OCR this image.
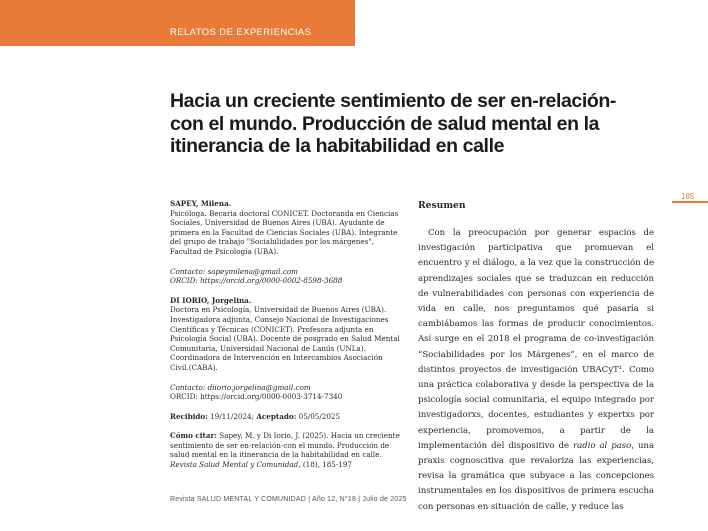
RELATOS DE EXPERIENCIAS
Hacia un creciente sentimiento de ser en-relación-con el mundo. Producción de salud mental en la itinerancia de la habitabilidad en calle
185
SAPEY, Milena.
Psicóloga. Becaria doctoral CONICET. Doctoranda en Ciencias Sociales, Universidad de Buenos Aires (UBA). Ayudante de primera en la Facultad de Ciencias Sociales (UBA). Integrante del grupo de trabajo "Sociabilidades por los márgenes", Facultad de Psicología (UBA).
Contacto: sapeymilena@gmail.com
ORCID: https://orcid.org/0000-0002-8598-3688
DI IORIO, Jorgelina.
Doctora en Psicología, Universidad de Buenos Aires (UBA). Investigadora adjunta, Consejo Nacional de Investigaciones Científicas y Técnicas (CONICET). Profesora adjunta en Psicología Social (UBA). Docente de posgrado en Salud Mental Comunitaria, Universidad Nacional de Lanús (UNLa). Coordinadora de Intervención en Intercambios Asociación Civil.(CABA).
Contacto: diiorio.jorgelina@gmail.com
ORCID: https://orcid.org/0000-0003-3714-7340
Recibido: 19/11/2024; Aceptado: 05/05/2025
Cómo citar: Sapey, M. y Di Iorio, J. (2025). Hacia un creciente sentimiento de ser en-relación-con el mundo. Producción de salud mental en la itinerancia de la habitabilidad en calle. Revista Salud Mental y Comunidad, (18), 185-197
Resumen

Con la preocupación por generar espacios de investigación participativa que promuevan el encuentro y el diálogo, a la vez que la construcción de aprendizajes sociales que se traduzcan en reducción de vulnerabilidades con personas con experiencia de vida en calle, nos preguntamos qué pasaría si cambiábamos las formas de producir conocimientos. Así surge en el 2018 el programa de co-investigación “Sociabilidades por los Márgenes”, en el marco de distintos proyectos de investigación UBACyT¹. Como una práctica colaborativa y desde la perspectiva de la psicología social comunitaria, el equipo integrado por investigadorxs, docentes, estudiantes y expertxs por experiencia, promovemos, a partir de la implementación del dispositivo de radio al paso, una praxis cognoscitiva que revaloriza las experiencias, revisa la gramática que subyace a las concepciones instrumentales en los dispositivos de primera escucha con personas en situación de calle, y reduce las

Revista SALUD MENTAL Y COMUNIDAD | Año 12, N°18 | Julio de 2025
